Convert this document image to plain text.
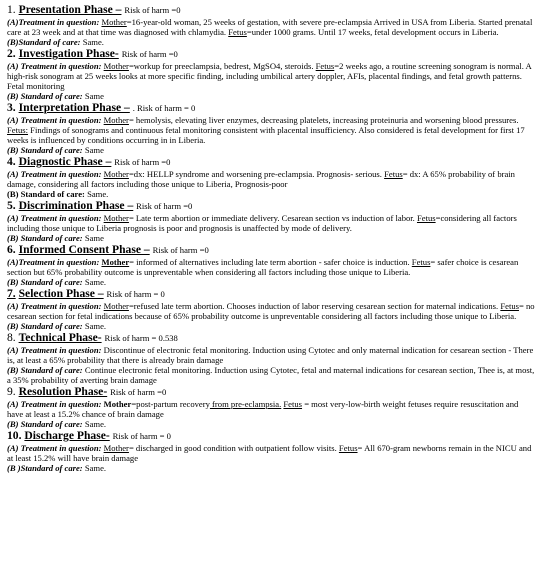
1. Presentation Phase – Risk of harm =0

(A)Treatment in question: Mother=16-year-old woman, 25 weeks of gestation, with severe pre-eclampsia Arrived in USA from Liberia. Started prenatal care at 23 week and at that time was diagnosed with chlamydia. Fetus=under 1000 grams. Until 17 weeks, fetal development occurs in Liberia.

(B)Standard of care: Same.

2. Investigation Phase- Risk of harm =0

(A) Treatment in question: Mother=workup for preeclampsia, bedrest, MgSO4, steroids. Fetus=2 weeks ago, a routine screening sonogram is normal. A high-risk sonogram at 25 weeks looks at more specific finding, including umbilical artery doppler, AFIs, placental findings, and fetal growth patterns. Fetal monitoring

(B) Standard of care: Same

3. Interpretation Phase – . Risk of harm = 0

(A) Treatment in question: Mother= hemolysis, elevating liver enzymes, decreasing platelets, increasing proteinuria and worsening blood pressures. Fetus: Findings of sonograms and continuous fetal monitoring consistent with placental insufficiency. Also considered is fetal development for first 17 weeks is influenced by conditions occurring in in Liberia.

(B) Standard of care: Same

4. Diagnostic Phase – Risk of harm =0

(A) Treatment in question: Mother=dx: HELLP syndrome and worsening pre-eclampsia. Prognosis- serious. Fetus= dx: A 65% probability of brain damage, considering all factors including those unique to Liberia, Prognosis-poor

(B) Standard of care: Same.

5. Discrimination Phase – Risk of harm =0

(A) Treatment in question: Mother= Late term abortion or immediate delivery. Cesarean section vs induction of labor. Fetus=considering all factors including those unique to Liberia prognosis is poor and prognosis is unaffected by mode of delivery.

(B) Standard of care: Same

6. Informed Consent Phase – Risk of harm =0

(A)Treatment in question: Mother= informed of alternatives including late term abortion - safer choice is induction. Fetus= safer choice is cesarean section but 65% probability outcome is unpreventable when considering all factors including those unique to Liberia.

(B) Standard of care: Same.

7. Selection Phase – Risk of harm = 0

(A) Treatment in question: Mother=refused late term abortion. Chooses induction of labor reserving cesarean section for maternal indications. Fetus= no cesarean section for fetal indications because of 65% probability outcome is unpreventable considering all factors including those unique to Liberia.

(B) Standard of care: Same.

8. Technical Phase- Risk of harm = 0.538

(A) Treatment in question: Discontinue of electronic fetal monitoring. Induction using Cytotec and only maternal indication for cesarean section - There is, at least a 65% probability that there is already brain damage

(B) Standard of care: Continue electronic fetal monitoring. Induction using Cytotec, fetal and maternal indications for cesarean section, Thee is, at most, a 35% probability of averting brain damage

9. Resolution Phase- Risk of harm =0

(A) Treatment in question: Mother=post-partum recovery from pre-eclampsia. Fetus = most very-low-birth weight fetuses require resuscitation and have at least a 15.2% chance of brain damage

(B) Standard of care: Same.

10. Discharge Phase- Risk of harm = 0

(A) Treatment in question: Mother= discharged in good condition with outpatient follow visits. Fetus= All 670-gram newborns remain in the NICU and at least 15.2% will have brain damage

(B )Standard of care: Same.
